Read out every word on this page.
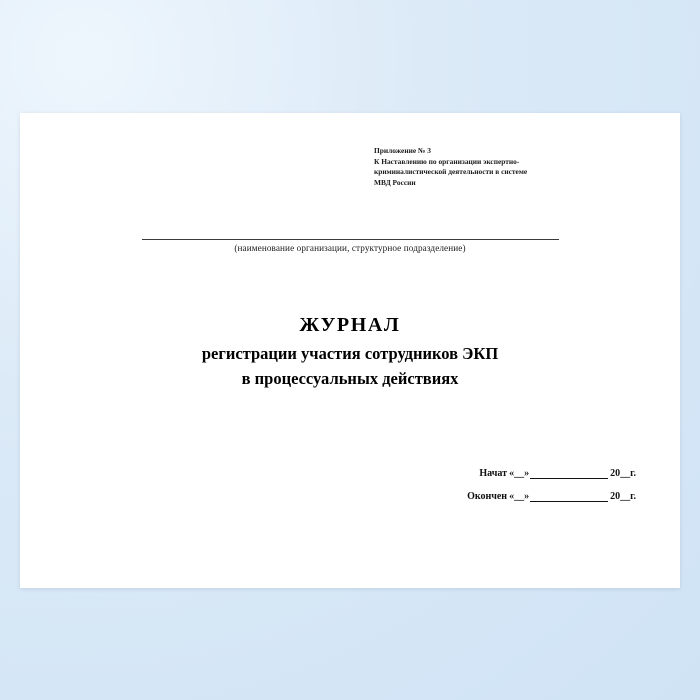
Приложение № 3
К Наставлению по организации экспертно-
криминалистической деятельности в системе
МВД России
(наименование организации, структурное подразделение)
ЖУРНАЛ
регистрации участия сотрудников ЭКП
в процессуальных действиях
Начат «__»	20__г.
Окончен «__»	20__г.
